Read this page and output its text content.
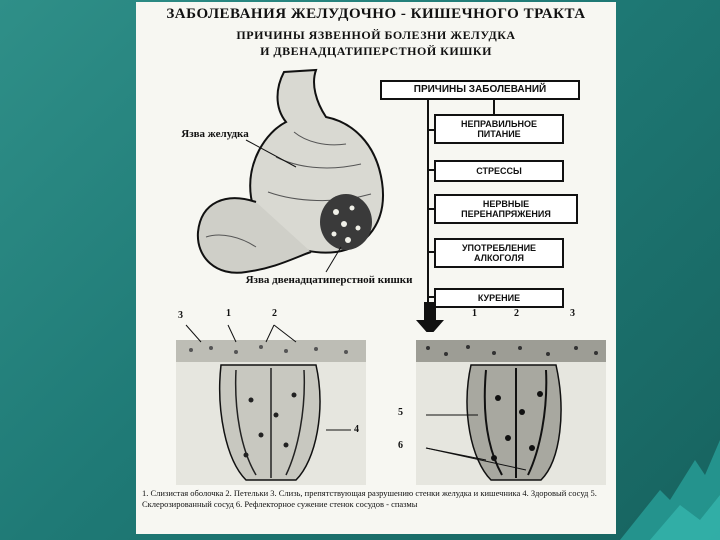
ЗАБОЛЕВАНИЯ ЖЕЛУДОЧНО - КИШЕЧНОГО ТРАКТА
ПРИЧИНЫ ЯЗВЕННОЙ БОЛЕЗНИ ЖЕЛУДКА
И ДВЕНАДЦАТИПЕРСТНОЙ КИШКИ
ПРИЧИНЫ ЗАБОЛЕВАНИЙ
НЕПРАВИЛЬНОЕ ПИТАНИЕ
СТРЕССЫ
НЕРВНЫЕ ПЕРЕНАПРЯЖЕНИЯ
УПОТРЕБЛЕНИЕ АЛКОГОЛЯ
КУРЕНИЕ
Язва желудка
Язва двенадцатиперстной кишки
3	1	2
4
1	2	3
5
6
1. Слизистая оболочка 2. Петельки 3. Слизь, препятствующая разрушению стенки желудка и кишечника 4. Здоровый сосуд 5. Склерозированный сосуд 6. Рефлекторное сужение стенок сосудов - спазмы
